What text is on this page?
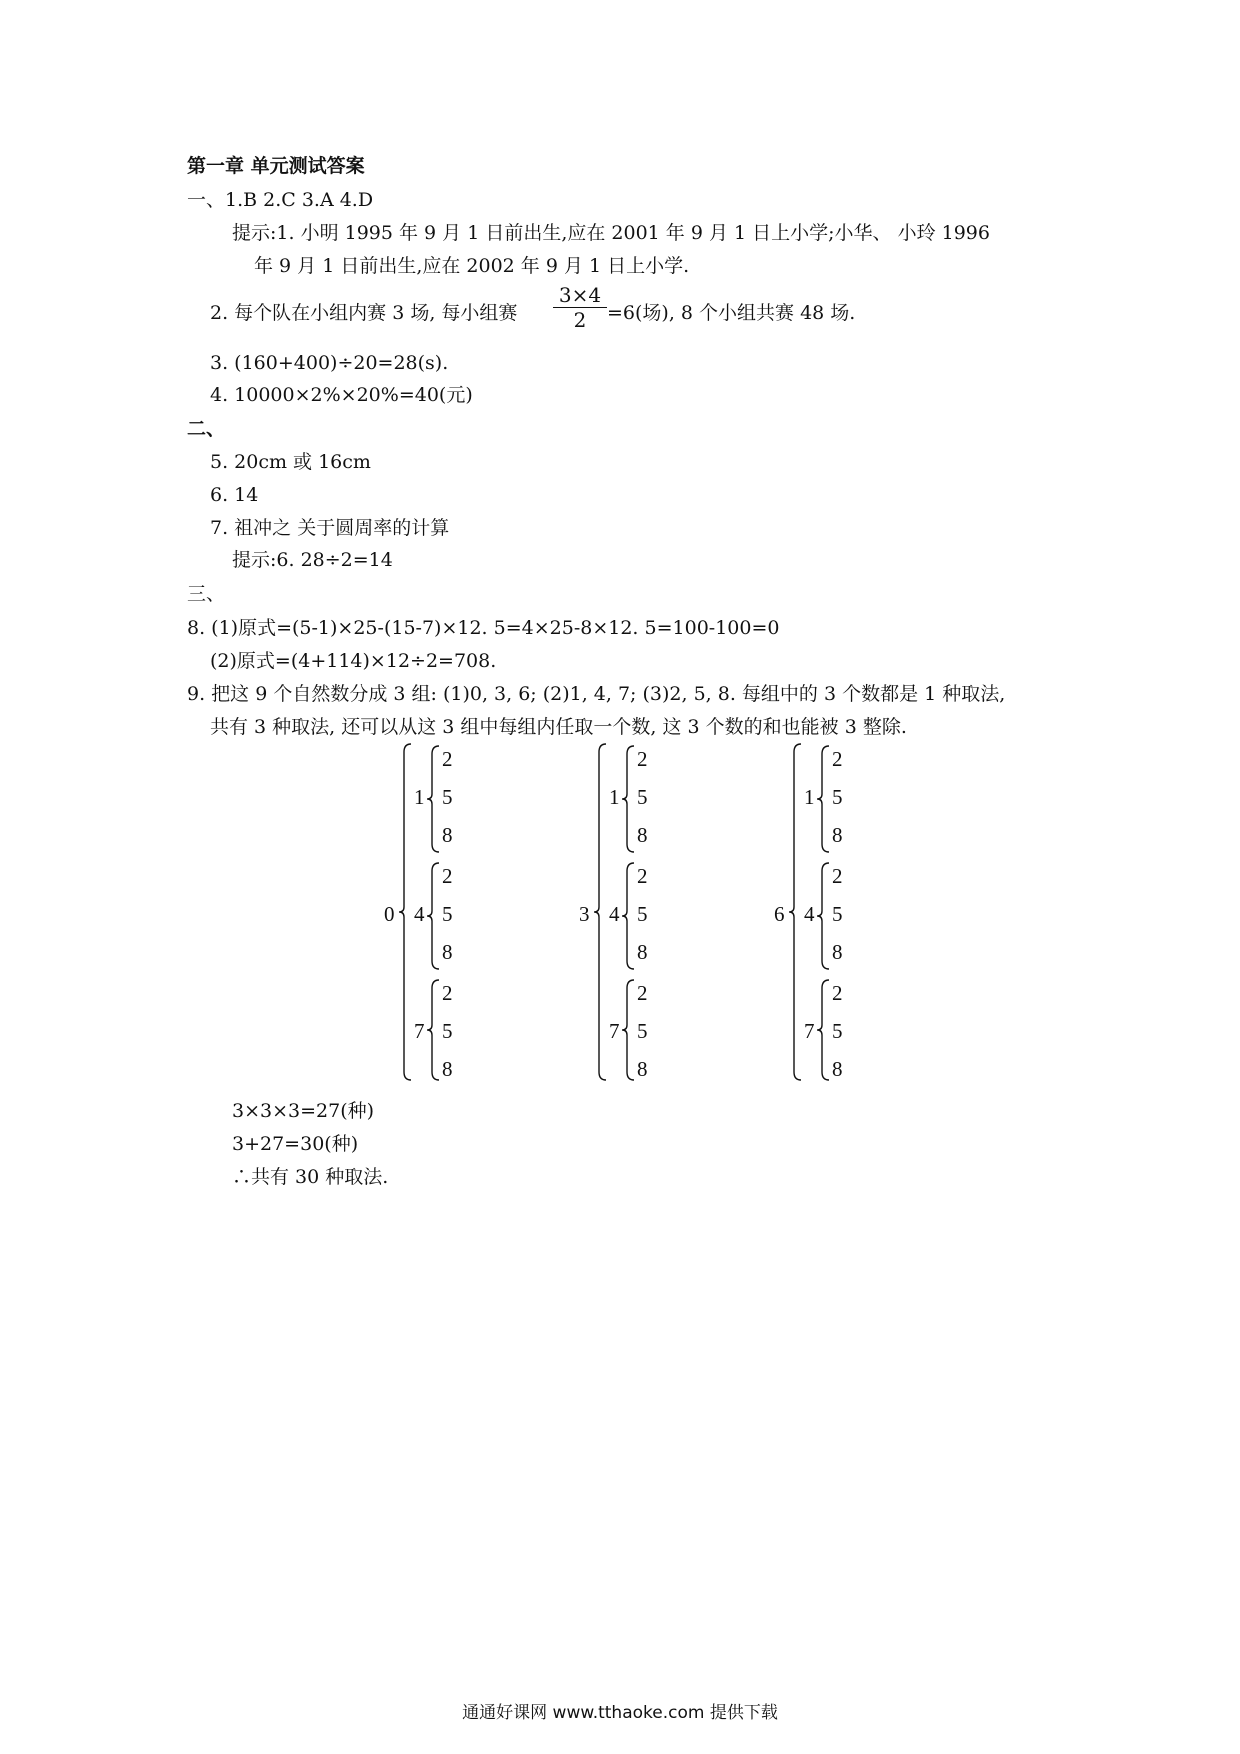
第一章 单元测试答案
一、1.B 2.C 3.A 4.D
提示:1. 小明 1995 年 9 月 1 日前出生,应在 2001 年 9 月 1 日上小学;小华、 小玲 1996
年 9 月 1 日前出生,应在 2002 年 9 月 1 日上小学.
2. 每个队在小组内赛 3 场, 每小组赛
3×4
2	=6(场), 8 个小组共赛 48 场.
3. (160+400)÷20=28(s).
4. 10000×2%×20%=40(元)
二、
5. 20cm 或 16cm
6. 14
7. 祖冲之 关于圆周率的计算
提示:6. 28÷2=14
三、
8. (1)原式=(5-1)×25-(15-7)×12. 5=4×25-8×12. 5=100-100=0
(2)原式=(4+114)×12÷2=708.
9. 把这 9 个自然数分成 3 组: (1)0, 3, 6; (2)1, 4, 7; (3)2, 5, 8. 每组中的 3 个数都是 1 种取法,
共有 3 种取法, 还可以从这 3 组中每组内任取一个数, 这 3 个数的和也能被 3 整除.
0
1
4
7
2
5
8
2
5
8
2
5
8
3
1
4
7
2
5
8
2
5
8
2
5
8
6
1
4
7
2
5
8
2
5
8
2
5
8
3×3×3=27(种)
3+27=30(种)
∴共有 30 种取法.
通通好课网 www.tthaoke.com 提供下载
